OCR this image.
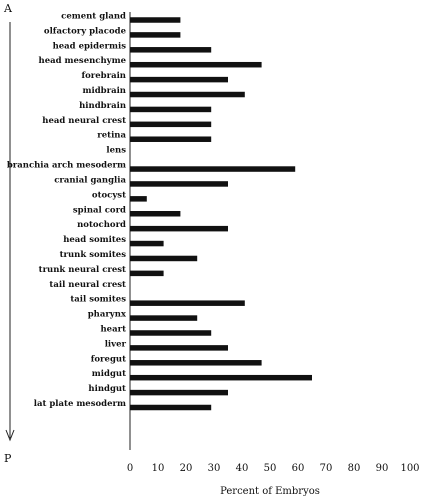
A
P
cement gland
olfactory placode
head epidermis
head mesenchyme
forebrain
midbrain
hindbrain
head neural crest
retina
lens
branchia arch mesoderm
cranial ganglia
otocyst
spinal cord
notochord
head somites
trunk somites
trunk neural crest
tail neural crest
tail somites
pharynx
heart
liver
foregut
midgut
hindgut
lat plate mesoderm
0 10 20 30 40 50 60 70 80 90 100
Percent of Embryos
